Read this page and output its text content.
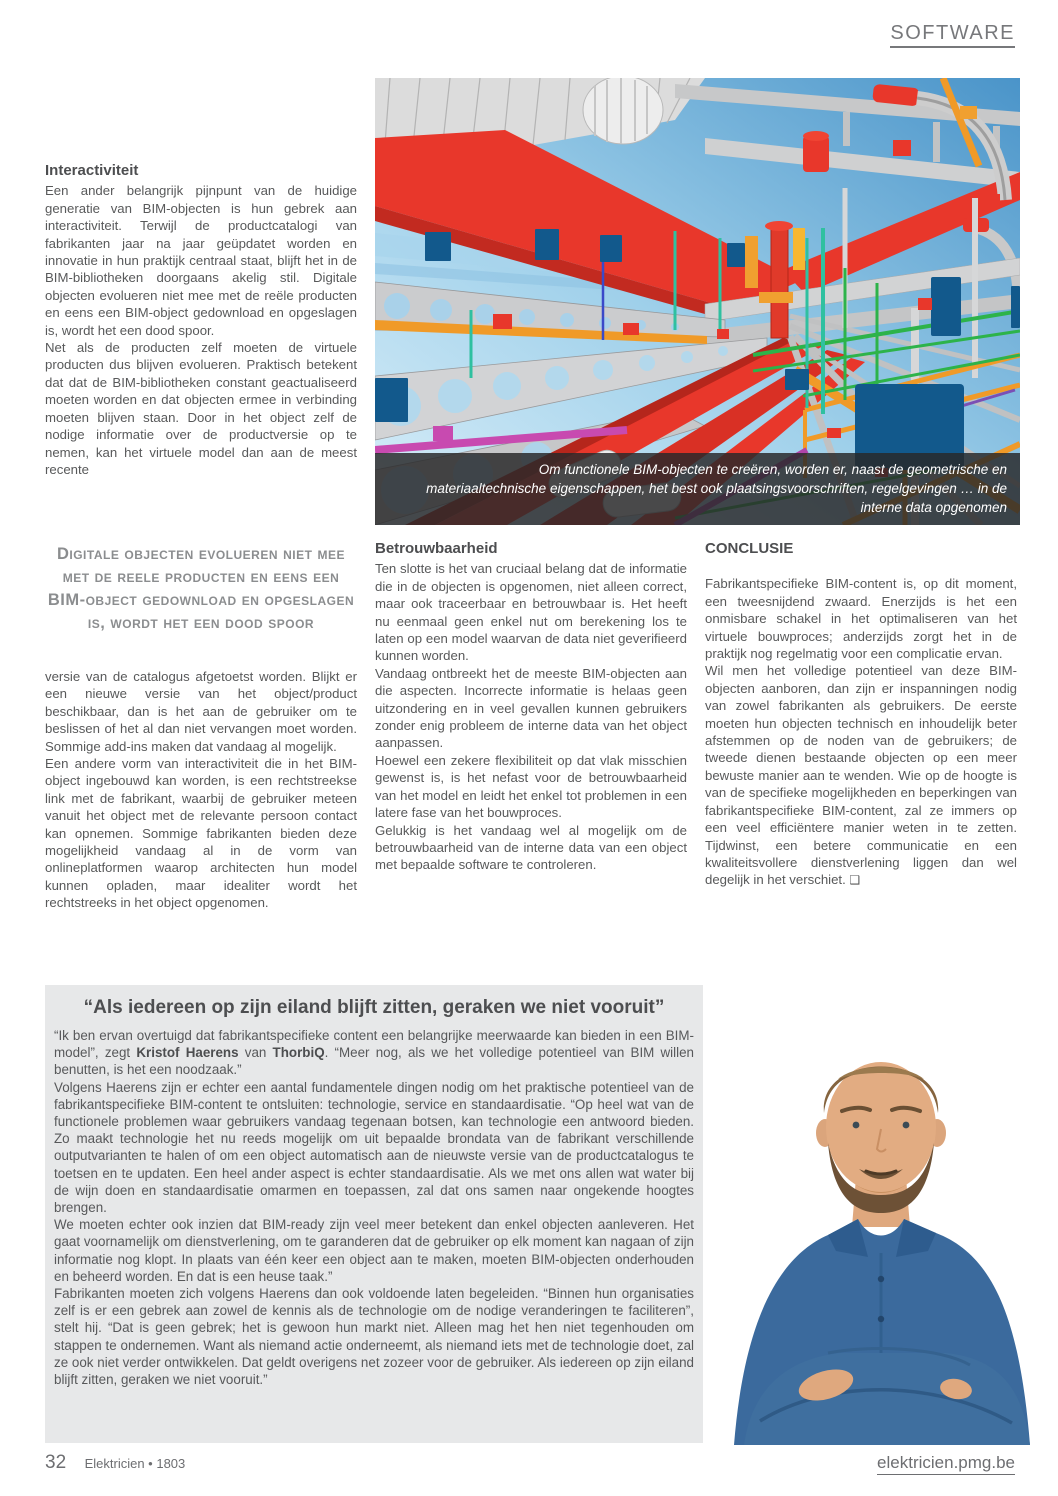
SOFTWARE
Om functionele BIM-objecten te creëren, worden er, naast de geometrische en materiaaltechnische eigenschappen, het best ook plaatsingsvoorschriften, regelgevingen … in de interne data opgenomen
Interactiviteit

Een ander belangrijk pijnpunt van de huidige generatie van BIM-objecten is hun gebrek aan interactiviteit. Terwijl de productcatalogi van fabrikanten jaar na jaar geüpdatet worden en innovatie in hun praktijk centraal staat, blijft het in de BIM-bibliotheken doorgaans akelig stil. Digitale objecten evolueren niet mee met de reële producten en eens een BIM-object gedownload en opgeslagen is, wordt het een dood spoor.

Net als de producten zelf moeten de virtuele producten dus blijven evolueren. Praktisch betekent dat dat de BIM-bibliotheken constant geactualiseerd moeten worden en dat objecten ermee in verbinding moeten blijven staan. Door in het object zelf de nodige informatie over de productversie op te nemen, kan het virtuele model dan aan de meest recente

Digitale objecten evolueren niet mee met de reele producten en eens een BIM-object gedownload en opgeslagen is, wordt het een dood spoor

versie van de catalogus afgetoetst worden. Blijkt er een nieuwe versie van het object/product beschikbaar, dan is het aan de gebruiker om te beslissen of het al dan niet vervangen moet worden. Sommige add-ins maken dat vandaag al mogelijk.

Een andere vorm van interactiviteit die in het BIM-object ingebouwd kan worden, is een rechtstreekse link met de fabrikant, waarbij de gebruiker meteen vanuit het object met de relevante persoon contact kan opnemen. Sommige fabrikanten bieden deze mogelijkheid vandaag al in de vorm van onlineplatformen waarop architecten hun model kunnen opladen, maar idealiter wordt het rechtstreeks in het object opgenomen.

Betrouwbaarheid

Ten slotte is het van cruciaal belang dat de informatie die in de objecten is opgenomen, niet alleen correct, maar ook traceerbaar en betrouwbaar is. Het heeft nu eenmaal geen enkel nut om berekening los te laten op een model waarvan de data niet geverifieerd kunnen worden.

Vandaag ontbreekt het de meeste BIM-objecten aan die aspecten. Incorrecte informatie is helaas geen uitzondering en in veel gevallen kunnen gebruikers zonder enig probleem de interne data van het object aanpassen.

Hoewel een zekere flexibiliteit op dat vlak misschien gewenst is, is het nefast voor de betrouwbaarheid van het model en leidt het enkel tot problemen in een latere fase van het bouwproces.

Gelukkig is het vandaag wel al mogelijk om de betrouwbaarheid van de interne data van een object met bepaalde software te controleren.

CONCLUSIE

Fabrikantspecifieke BIM-content is, op dit moment, een tweesnijdend zwaard. Enerzijds is het een onmisbare schakel in het optimaliseren van het virtuele bouwproces; anderzijds zorgt het in de praktijk nog regelmatig voor een complicatie ervan.

Wil men het volledige potentieel van deze BIM-objecten aanboren, dan zijn er inspanningen nodig van zowel fabrikanten als gebruikers. De eerste moeten hun objecten technisch en inhoudelijk beter afstemmen op de noden van de gebruikers; de tweede dienen bestaande objecten op een meer bewuste manier aan te wenden. Wie op de hoogte is van de specifieke mogelijkheden en beperkingen van fabrikantspecifieke BIM-content, zal ze immers op een veel efficiëntere manier weten in te zetten. Tijdwinst, een betere communicatie en een kwaliteitsvollere dienstverlening liggen dan wel degelijk in het verschiet. ❑

“Als iedereen op zijn eiland blijft zitten, geraken we niet vooruit”

“Ik ben ervan overtuigd dat fabrikantspecifieke content een belangrijke meerwaarde kan bieden in een BIM-model”, zegt Kristof Haerens van ThorbiQ. “Meer nog, als we het volledige potentieel van BIM willen benutten, is het een noodzaak.”

Volgens Haerens zijn er echter een aantal fundamentele dingen nodig om het praktische potentieel van de fabrikantspecifieke BIM-content te ontsluiten: technologie, service en standaardisatie. “Op heel wat van de functionele problemen waar gebruikers vandaag tegenaan botsen, kan technologie een antwoord bieden. Zo maakt technologie het nu reeds mogelijk om uit bepaalde brondata van de fabrikant verschillende outputvarianten te halen of om een object automatisch aan de nieuwste versie van de productcatalogus te toetsen en te updaten. Een heel ander aspect is echter standaardisatie. Als we met ons allen wat water bij de wijn doen en standaardisatie omarmen en toepassen, zal dat ons samen naar ongekende hoogtes brengen.

We moeten echter ook inzien dat BIM-ready zijn veel meer betekent dan enkel objecten aanleveren. Het gaat voornamelijk om dienstverlening, om te garanderen dat de gebruiker op elk moment kan nagaan of zijn informatie nog klopt. In plaats van één keer een object aan te maken, moeten BIM-objecten onderhouden en beheerd worden. En dat is een heuse taak.”

Fabrikanten moeten zich volgens Haerens dan ook voldoende laten begeleiden. “Binnen hun organisaties zelf is er een gebrek aan zowel de kennis als de technologie om de nodige veranderingen te faciliteren”, stelt hij. “Dat is geen gebrek; het is gewoon hun markt niet. Alleen mag het hen niet tegenhouden om stappen te ondernemen. Want als niemand actie onderneemt, als niemand iets met de technologie doet, zal ze ook niet verder ontwikkelen. Dat geldt overigens net zozeer voor de gebruiker. Als iedereen op zijn eiland blijft zitten, geraken we niet vooruit.”

32 Elektricien • 1803	elektricien.pmg.be
